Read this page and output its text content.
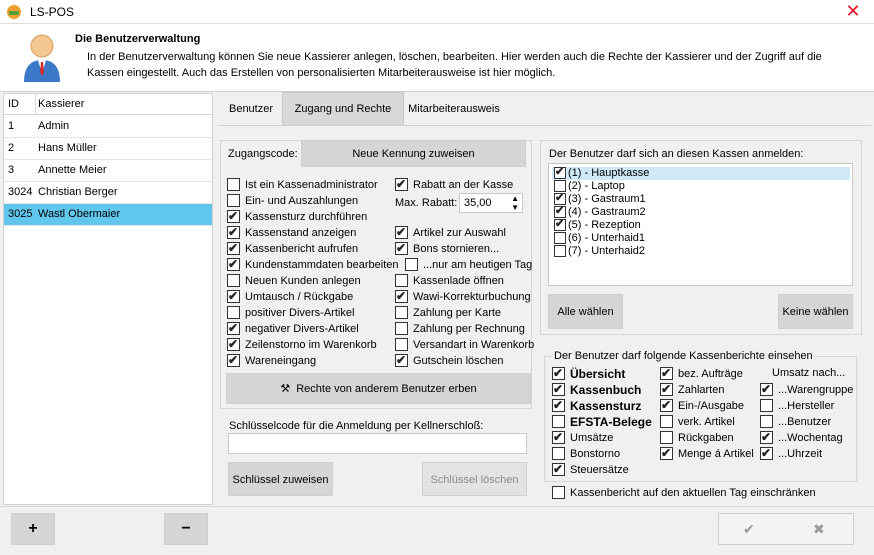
LS-POS	✕
Die Benutzerverwaltung
In der Benutzerverwaltung können Sie neue Kassierer anlegen, löschen, bearbeiten. Hier werden auch die Rechte der Kassierer und der Zugriff auf die Kassen eingestellt. Auch das Erstellen von personalisierten Mitarbeiterausweise ist hier möglich.
ID Kassierer
1 Admin
2 Hans Müller
3 Annette Meier
3024 Christian Berger
3025 Wastl Obermaier
Benutzer	Zugang und Rechte	Mitarbeiterausweis
Zugangscode:	Neue Kennung zuweisen
Ist ein Kassenadministrator
Ein- und Auszahlungen
✔
Kassensturz durchführen
✔
Kassenstand anzeigen
✔
Kassenbericht aufrufen
✔
Kundenstammdaten bearbeiten
Neuen Kunden anlegen
✔
Umtausch / Rückgabe
positiver Divers-Artikel
✔
negativer Divers-Artikel
✔
Zeilenstorno im Warenkorb
✔
Wareneingang
✔
Rabatt an der Kasse
Max. Rabatt: 35,00 ▲
▼
✔
Artikel zur Auswahl
✔
Bons stornieren...
...nur am heutigen Tag
Kassenlade öffnen
✔
Wawi-Korrekturbuchung
Zahlung per Karte
Zahlung per Rechnung
Versandart in Warenkorb
✔
Gutschein löschen
⚒ Rechte von anderem Benutzer erben
Schlüsselcode für die Anmeldung per Kellnerschloß:
Schlüssel zuweisen	Schlüssel löschen
Der Benutzer darf sich an diesen Kassen anmelden:
✔
(1) - Hauptkasse
(2) - Laptop
✔
(3) - Gastraum1
✔
(4) - Gastraum2
✔
(5) - Rezeption
(6) - Unterhaid1
(7) - Unterhaid2
Alle wählen	Keine wählen
Der Benutzer darf folgende Kassenberichte einsehen
✔
Übersicht
✔
Kassenbuch
✔
Kassensturz
EFSTA-Belege
✔
Umsätze
Bonstorno
✔
Steuersätze
✔
bez. Aufträge
✔
Zahlarten
✔
Ein-/Ausgabe
verk. Artikel
Rückgaben
✔
Menge á Artikel
Umsatz nach...
✔
...Warengruppe
...Hersteller
...Benutzer
✔
...Wochentag
✔
...Uhrzeit
Kassenbericht auf den aktuellen Tag einschränken
+	−	✔	✖
